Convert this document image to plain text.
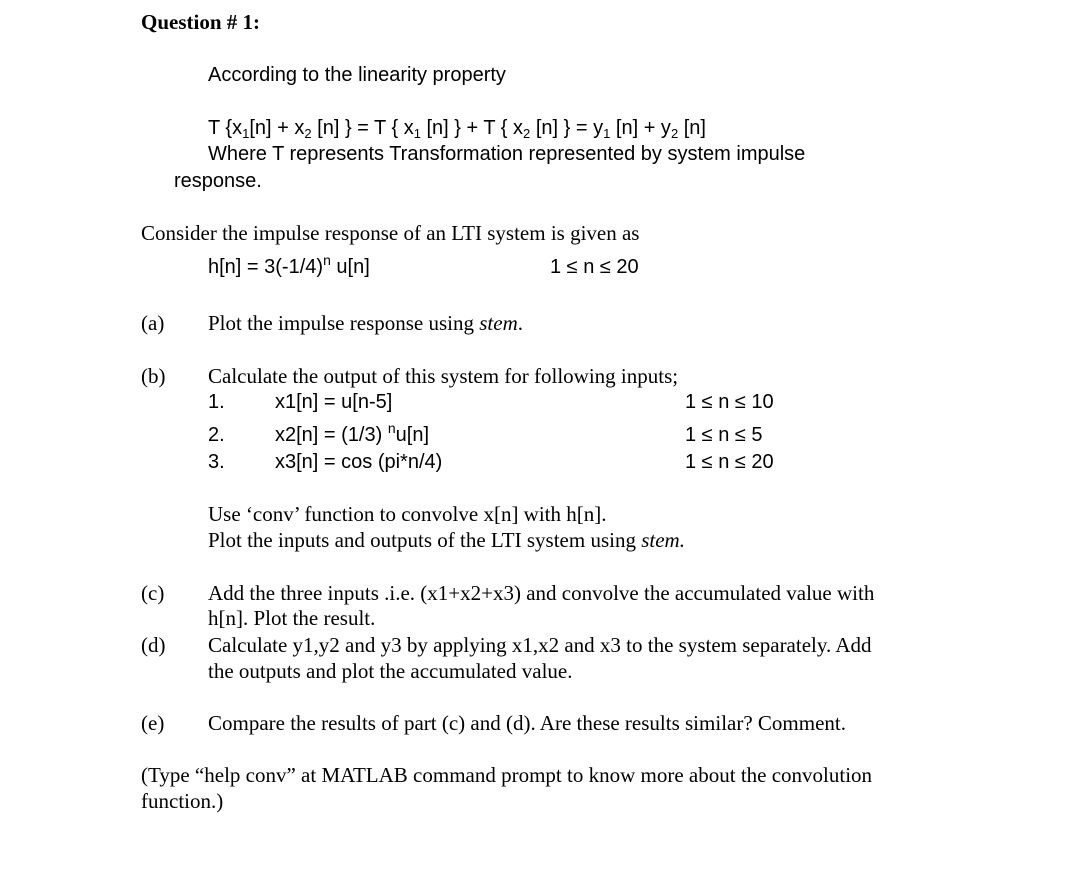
Question # 1:
According to the linearity property
T {$x_1[n] + x_2$ [n] } = T { $x_1$ [n] } + T { $x_2$ [n] } = $y_1$ $[n] + y_2$ [n]
Where T represents Transformation represented by system impulse
response.
Consider the impulse response of an LTI system is given as
$h[n] = 3(-1/4)^n$ u[n]	1 ≤ n ≤ 20
(a) Plot the impulse response using stem.
(b) Calculate the output of this system for following inputs;
1.	x1[n] = u[n-5]	1 ≤ n ≤ 10
2.	x2[n] = (1/3) $^n$u[n]	1 ≤ n ≤ 5
3.	x3[n] = cos (pi*n/4)	1 ≤ n ≤ 20
Use ‘conv’ function to convolve x[n] with h[n].
Plot the inputs and outputs of the LTI system using stem.
(c) Add the three inputs .i.e. (x1+x2+x3) and convolve the accumulated value with
h[n]. Plot the result.
(d) Calculate y1,y2 and y3 by applying x1,x2 and x3 to the system separately. Add
the outputs and plot the accumulated value.
(e) Compare the results of part (c) and (d). Are these results similar? Comment.
(Type “help conv” at MATLAB command prompt to know more about the convolution
function.)
